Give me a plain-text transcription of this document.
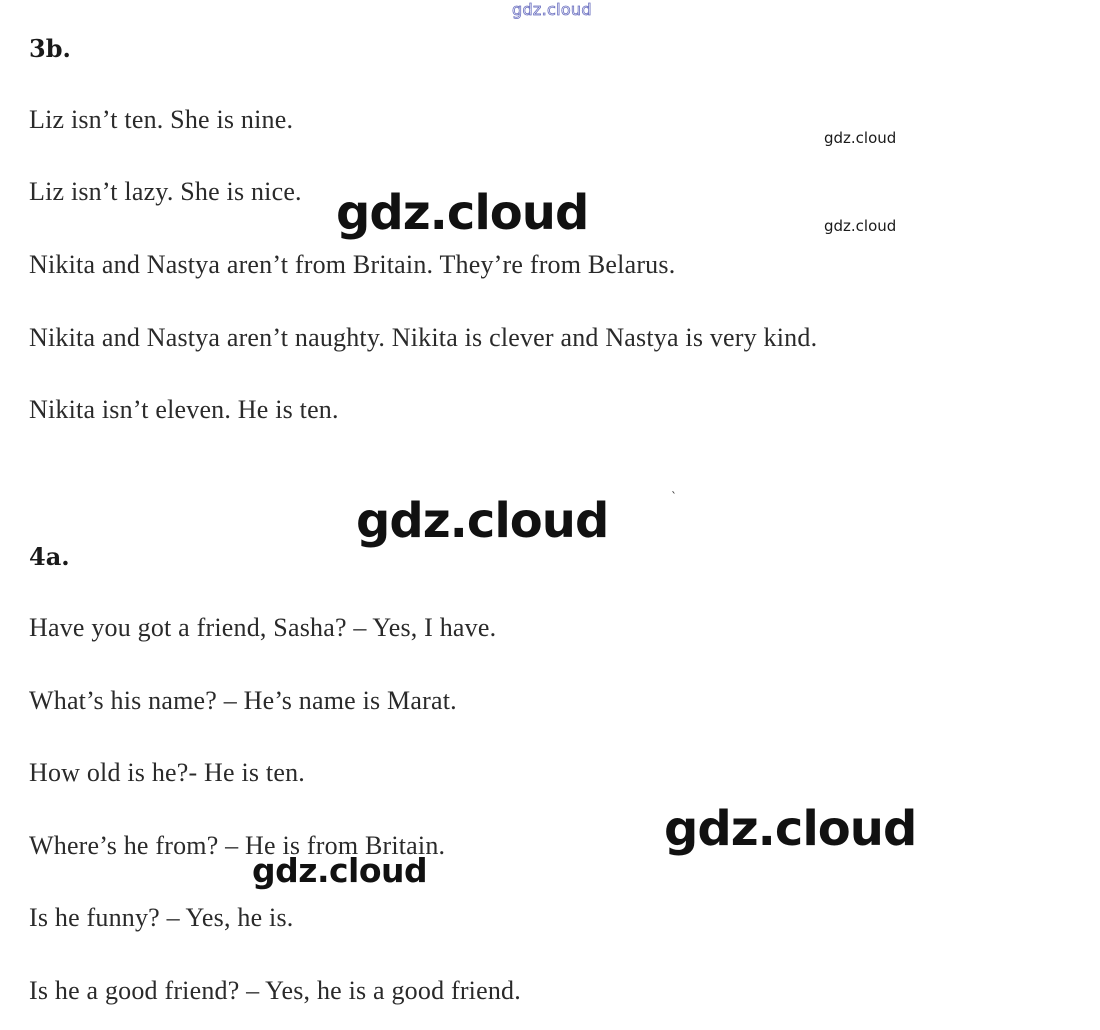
gdz.cloud
3b.
Liz isn’t ten. She is nine.
Liz isn’t lazy. She is nice.
Nikita and Nastya aren’t from Britain. They’re from Belarus.
Nikita and Nastya aren’t naughty. Nikita is clever and Nastya is very kind.
Nikita isn’t eleven. He is ten.
4a.
Have you got a friend, Sasha? – Yes, I have.
What’s his name? – He’s name is Marat.
How old is he?- He is ten.
Where’s he from? – He is from Britain.
Is he funny? – Yes, he is.
Is he a good friend? – Yes, he is a good friend.
gdz.cloud
gdz.cloud
gdz.cloud
gdz.cloud
gdz.cloud
gdz.cloud
`
